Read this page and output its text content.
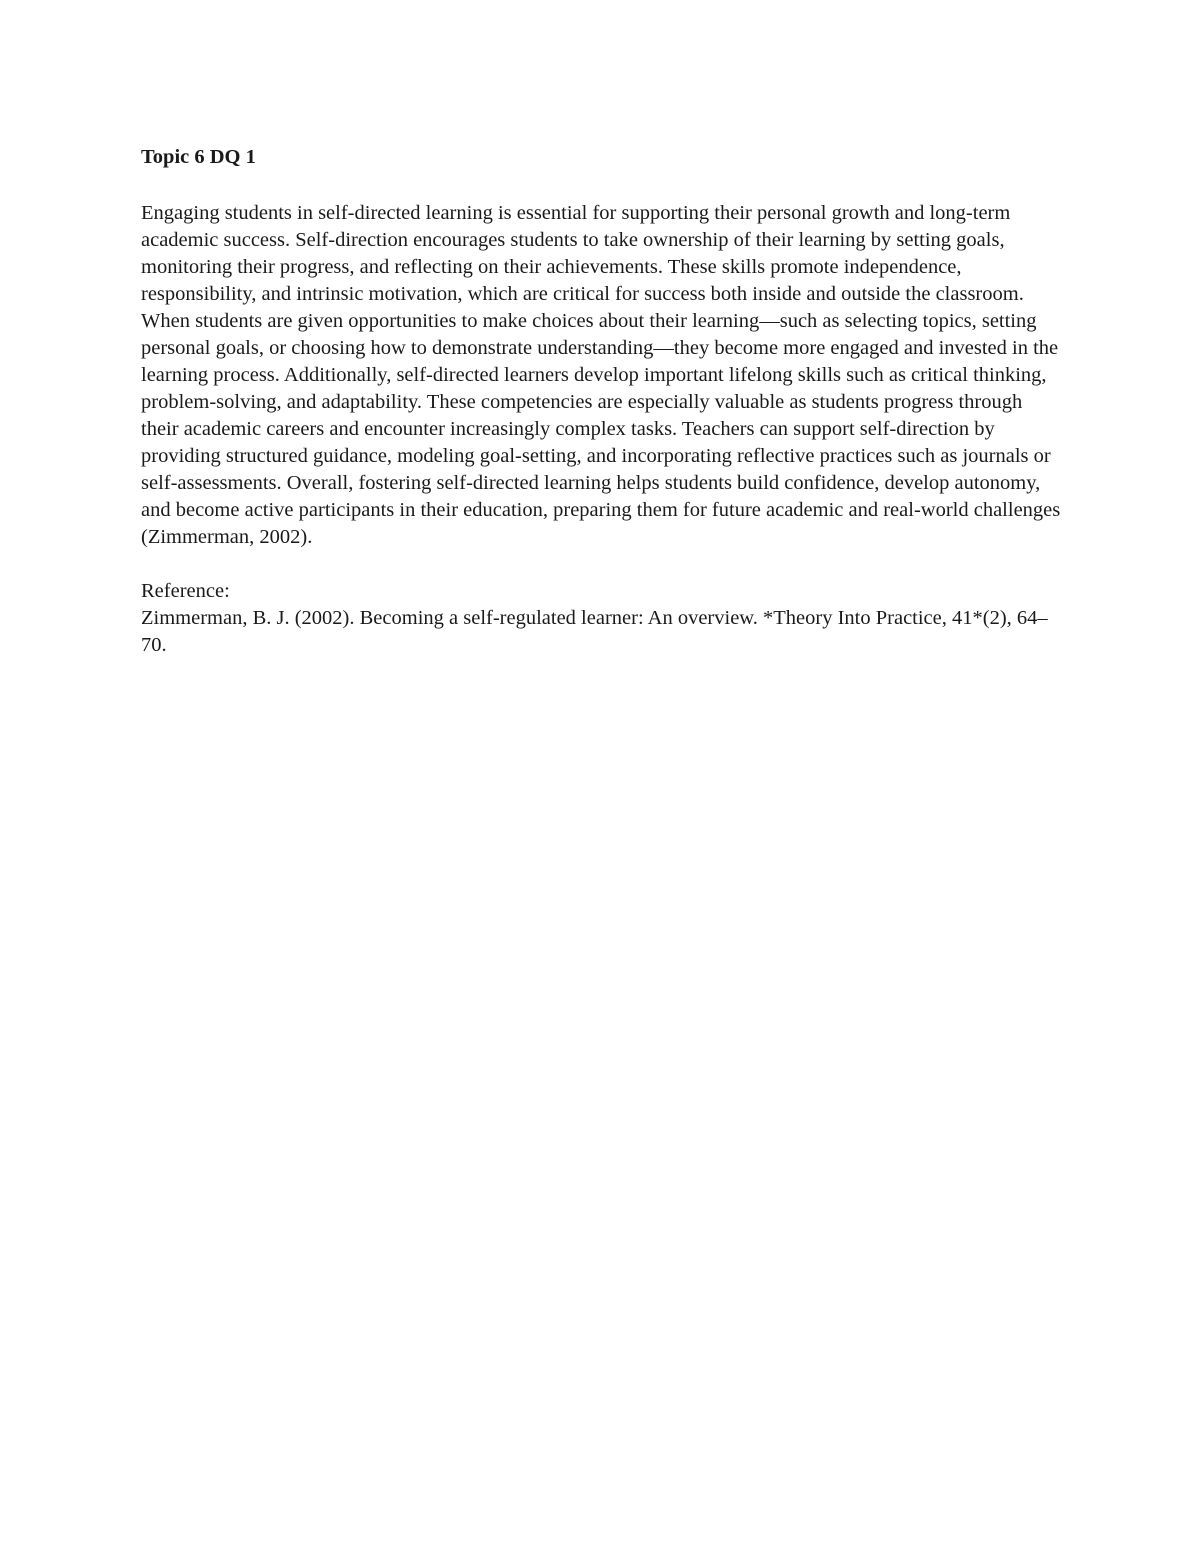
Topic 6 DQ 1

Engaging students in self-directed learning is essential for supporting their personal growth and long-term academic success. Self-direction encourages students to take ownership of their learning by setting goals, monitoring their progress, and reflecting on their achievements. These skills promote independence, responsibility, and intrinsic motivation, which are critical for success both inside and outside the classroom. When students are given opportunities to make choices about their learning—such as selecting topics, setting personal goals, or choosing how to demonstrate understanding—they become more engaged and invested in the learning process. Additionally, self-directed learners develop important lifelong skills such as critical thinking, problem-solving, and adaptability. These competencies are especially valuable as students progress through their academic careers and encounter increasingly complex tasks. Teachers can support self-direction by providing structured guidance, modeling goal-setting, and incorporating reflective practices such as journals or self-assessments. Overall, fostering self-directed learning helps students build confidence, develop autonomy, and become active participants in their education, preparing them for future academic and real-world challenges (Zimmerman, 2002).

Reference:

Zimmerman, B. J. (2002). Becoming a self-regulated learner: An overview. *Theory Into Practice, 41*(2), 64–70.
